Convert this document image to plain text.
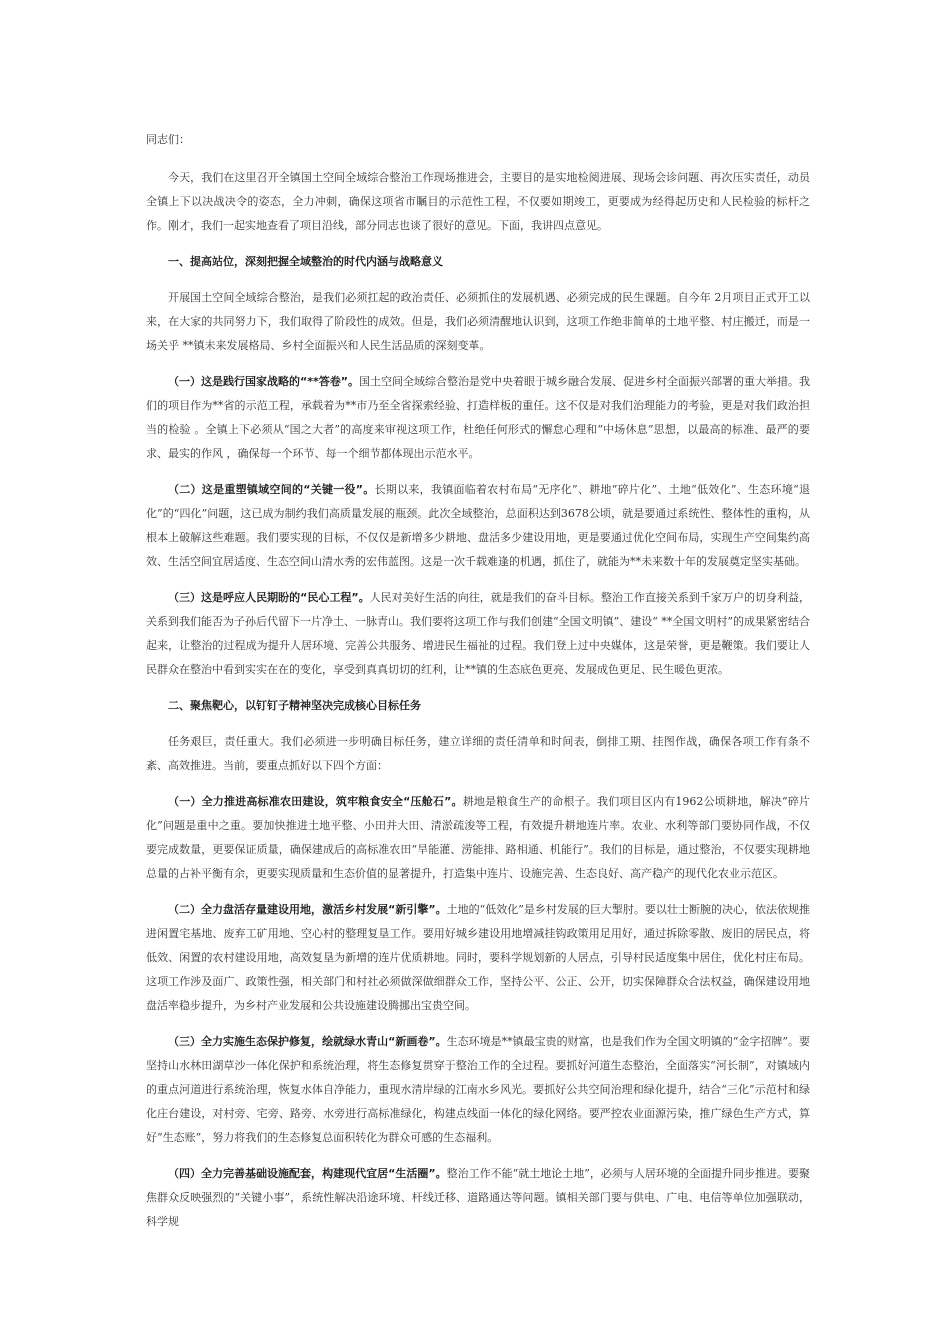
同志们：

今天，我们在这里召开全镇国土空间全域综合整治工作现场推进会，主要目的是实地检阅进展、现场会诊问题、再次压实责任，动员全镇上下以决战决令的姿态，全力冲刺，确保这项省市瞩目的示范性工程，不仅要如期竣工，更要成为经得起历史和人民检验的标杆之作。刚才，我们一起实地查看了项目沿线，部分同志也谈了很好的意见。下面，我讲四点意见。

一、提高站位，深刻把握全域整治的时代内涵与战略意义

开展国土空间全域综合整治，是我们必须扛起的政治责任、必须抓住的发展机遇、必须完成的民生课题。自今年 2月项目正式开工以来，在大家的共同努力下，我们取得了阶段性的成效。但是，我们必须清醒地认识到，这项工作绝非简单的土地平整、村庄搬迁，而是一场关乎 **镇未来发展格局、乡村全面振兴和人民生活品质的深刻变革。

（一）这是践行国家战略的“**答卷”。国土空间全域综合整治是党中央着眼于城乡融合发展、促进乡村全面振兴部署的重大举措。我们的项目作为**省的示范工程，承载着为**市乃至全省探索经验、打造样板的重任。这不仅是对我们治理能力的考验，更是对我们政治担当的检验 。全镇上下必须从“国之大者”的高度来审视这项工作，杜绝任何形式的懈怠心理和“中场休息”思想，以最高的标准、最严的要求、最实的作风 ，确保每一个环节、每一个细节都体现出示范水平。

（二）这是重塑镇域空间的“关键一役”。长期以来，我镇面临着农村布局“无序化”、耕地“碎片化”、土地“低效化”、生态环境“退化”的“四化”问题，这已成为制约我们高质量发展的瓶颈。此次全域整治，总面积达到3678公顷，就是要通过系统性、整体性的重构，从根本上破解这些难题。我们要实现的目标，不仅仅是新增多少耕地、盘活多少建设用地，更是要通过优化空间布局，实现生产空间集约高效、生活空间宜居适度、生态空间山清水秀的宏伟蓝图。这是一次千载难逢的机遇，抓住了，就能为**未来数十年的发展奠定坚实基础。

（三）这是呼应人民期盼的“民心工程”。人民对美好生活的向往，就是我们的奋斗目标。整治工作直接关系到千家万户的切身利益，关系到我们能否为子孙后代留下一片净土、一脉青山。我们要将这项工作与我们创建“全国文明镇”、建设“ **全国文明村”的成果紧密结合起来，让整治的过程成为提升人居环境、完善公共服务、增进民生福祉的过程。我们登上过中央媒体，这是荣誉，更是鞭策。我们要让人民群众在整治中看到实实在在的变化，享受到真真切切的红利，让**镇的生态底色更亮、发展成色更足、民生暖色更浓。

二、聚焦靶心，以钉钉子精神坚决完成核心目标任务

任务艰巨，责任重大。我们必须进一步明确目标任务，建立详细的责任清单和时间表，倒排工期、挂图作战，确保各项工作有条不紊、高效推进。当前，要重点抓好以下四个方面：

（一）全力推进高标准农田建设，筑牢粮食安全“压舱石”。耕地是粮食生产的命根子。我们项目区内有1962公顷耕地，解决“碎片化”问题是重中之重。要加快推进土地平整、小田并大田、清淤疏浚等工程，有效提升耕地连片率。农业、水利等部门要协同作战，不仅要完成数量，更要保证质量，确保建成后的高标准农田“旱能灌、涝能排、路相通、机能行”。我们的目标是，通过整治，不仅要实现耕地总量的占补平衡有余，更要实现质量和生态价值的显著提升，打造集中连片、设施完善、生态良好、高产稳产的现代化农业示范区。

（二）全力盘活存量建设用地，激活乡村发展“新引擎”。土地的“低效化”是乡村发展的巨大掣肘。要以壮士断腕的决心，依法依规推进闲置宅基地、废弃工矿用地、空心村的整理复垦工作。要用好城乡建设用地增减挂钩政策用足用好，通过拆除零散、废旧的居民点，将低效、闲置的农村建设用地，高效复垦为新增的连片优质耕地。同时，要科学规划新的人居点，引导村民适度集中居住，优化村庄布局。这项工作涉及面广、政策性强，相关部门和村社必须做深做细群众工作，坚持公平、公正、公开，切实保障群众合法权益，确保建设用地盘活率稳步提升，为乡村产业发展和公共设施建设腾挪出宝贵空间。

（三）全力实施生态保护修复，绘就绿水青山“新画卷”。生态环境是**镇最宝贵的财富，也是我们作为全国文明镇的“金字招牌”。要坚持山水林田湖草沙一体化保护和系统治理，将生态修复贯穿于整治工作的全过程。要抓好河道生态整治，全面落实“河长制”，对镇域内的重点河道进行系统治理，恢复水体自净能力，重现水清岸绿的江南水乡风光。要抓好公共空间治理和绿化提升，结合“三化”示范村和绿化庄台建设，对村旁、宅旁、路旁、水旁进行高标准绿化，构建点线面一体化的绿化网络。要严控农业面源污染，推广绿色生产方式，算好“生态账”，努力将我们的生态修复总面积转化为群众可感的生态福利。

（四）全力完善基础设施配套，构建现代宜居“生活圈”。整治工作不能“就土地论土地”，必须与人居环境的全面提升同步推进。要聚焦群众反映强烈的“关键小事”，系统性解决沿途环境、杆线迁移、道路通达等问题。镇相关部门要与供电、广电、电信等单位加强联动，科学规
